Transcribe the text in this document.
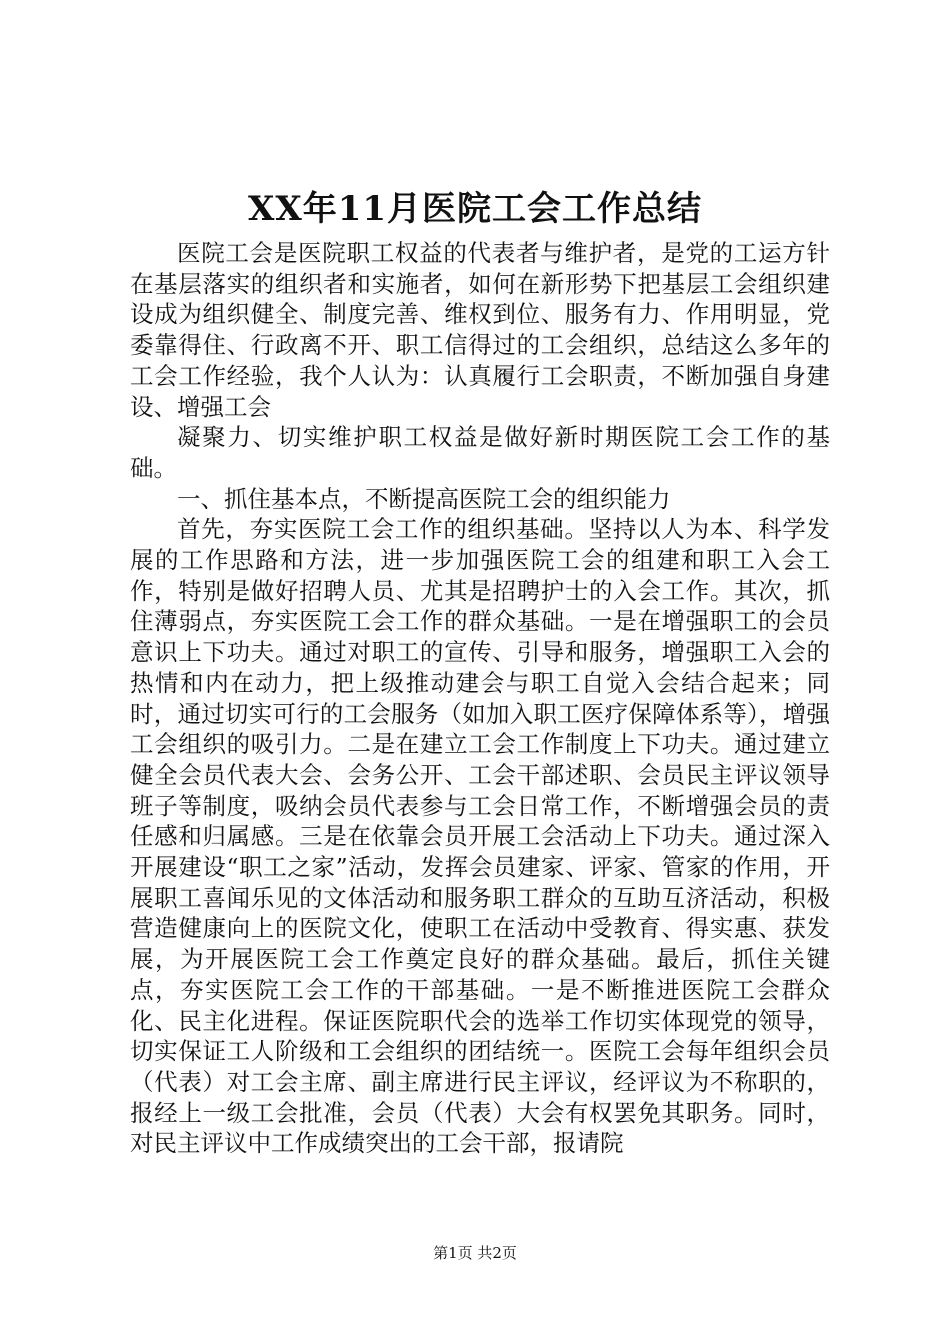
XX年11月医院工会工作总结

医院工会是医院职工权益的代表者与维护者，是党的工运方针在基层落实的组织者和实施者，如何在新形势下把基层工会组织建设成为组织健全、制度完善、维权到位、服务有力、作用明显，党委靠得住、行政离不开、职工信得过的工会组织，总结这么多年的工会工作经验，我个人认为：认真履行工会职责，不断加强自身建设、增强工会

凝聚力、切实维护职工权益是做好新时期医院工会工作的基础。

一、抓住基本点，不断提高医院工会的组织能力

首先，夯实医院工会工作的组织基础。坚持以人为本、科学发展的工作思路和方法，进一步加强医院工会的组建和职工入会工作，特别是做好招聘人员、尤其是招聘护士的入会工作。其次，抓住薄弱点，夯实医院工会工作的群众基础。一是在增强职工的会员意识上下功夫。通过对职工的宣传、引导和服务，增强职工入会的热情和内在动力，把上级推动建会与职工自觉入会结合起来；同时，通过切实可行的工会服务（如加入职工医疗保障体系等），增强工会组织的吸引力。二是在建立工会工作制度上下功夫。通过建立健全会员代表大会、会务公开、工会干部述职、会员民主评议领导班子等制度，吸纳会员代表参与工会日常工作，不断增强会员的责任感和归属感。三是在依靠会员开展工会活动上下功夫。通过深入开展建设“职工之家”活动，发挥会员建家、评家、管家的作用，开展职工喜闻乐见的文体活动和服务职工群众的互助互济活动，积极营造健康向上的医院文化，使职工在活动中受教育、得实惠、获发展，为开展医院工会工作奠定良好的群众基础。最后，抓住关键点，夯实医院工会工作的干部基础。一是不断推进医院工会群众化、民主化进程。保证医院职代会的选举工作切实体现党的领导，切实保证工人阶级和工会组织的团结统一。医院工会每年组织会员（代表）对工会主席、副主席进行民主评议，经评议为不称职的，报经上一级工会批准，会员（代表）大会有权罢免其职务。同时，对民主评议中工作成绩突出的工会干部，报请院

第1页 共2页
